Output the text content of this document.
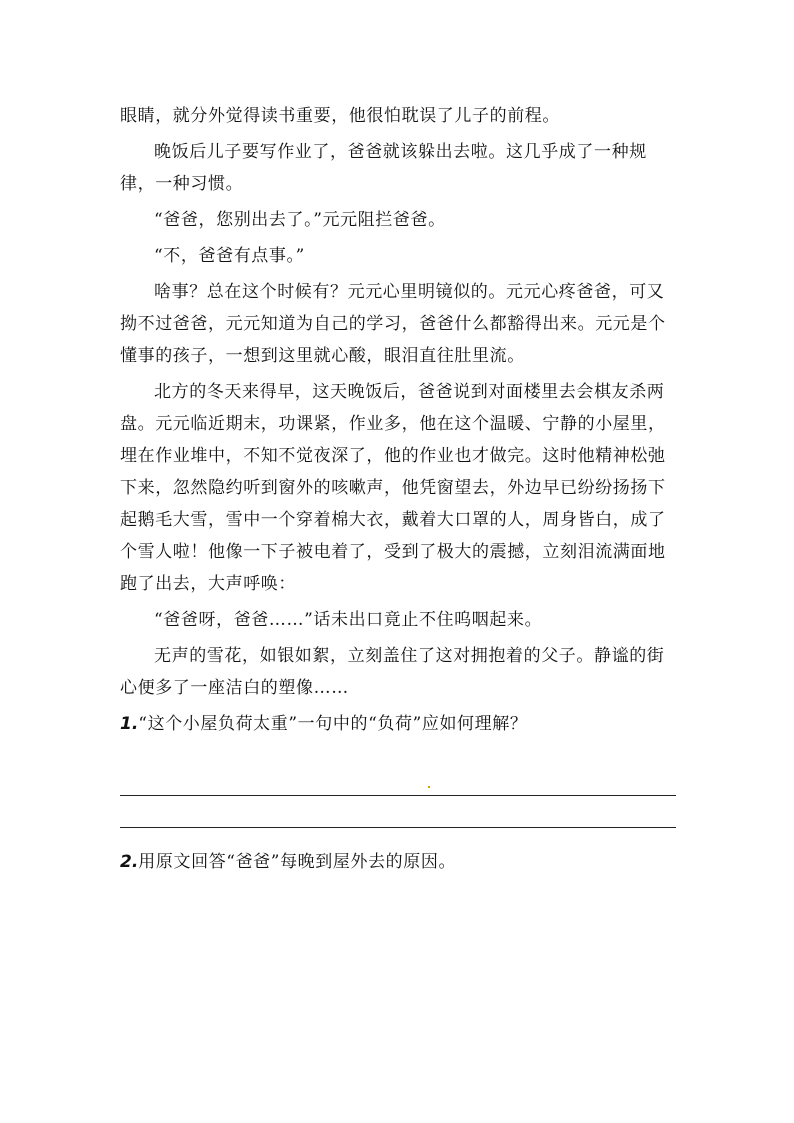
眼睛，就分外觉得读书重要，他很怕耽误了儿子的前程。

晚饭后儿子要写作业了，爸爸就该躲出去啦。这几乎成了一种规律，一种习惯。

“爸爸，您别出去了。”元元阻拦爸爸。

“不，爸爸有点事。”

啥事？总在这个时候有？元元心里明镜似的。元元心疼爸爸，可又拗不过爸爸，元元知道为自己的学习，爸爸什么都豁得出来。元元是个懂事的孩子，一想到这里就心酸，眼泪直往肚里流。

北方的冬天来得早，这天晚饭后，爸爸说到对面楼里去会棋友杀两盘。元元临近期末，功课紧，作业多，他在这个温暖、宁静的小屋里，埋在作业堆中，不知不觉夜深了，他的作业也才做完。这时他精神松弛下来，忽然隐约听到窗外的咳嗽声，他凭窗望去，外边早已纷纷扬扬下起鹅毛大雪，雪中一个穿着棉大衣，戴着大口罩的人，周身皆白，成了个雪人啦！他像一下子被电着了，受到了极大的震撼，立刻泪流满面地跑了出去，大声呼唤：

“爸爸呀，爸爸……”话未出口竟止不住呜咽起来。

无声的雪花，如银如絮，立刻盖住了这对拥抱着的父子。静谧的街心便多了一座洁白的塑像……

1.“这个小屋负荷太重”一句中的“负荷”应如何理解？

2.用原文回答“爸爸”每晚到屋外去的原因。
